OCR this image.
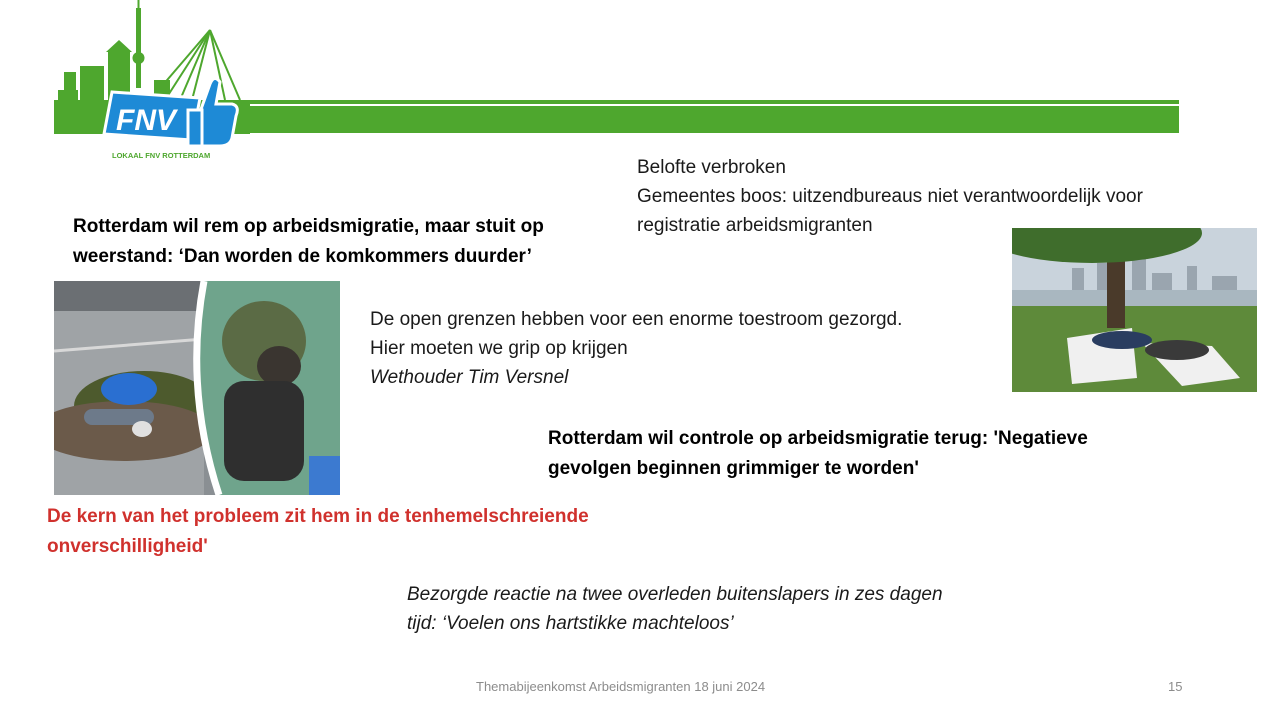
FNV
LOKAAL FNV ROTTERDAM
Belofte verbroken
Gemeentes boos: uitzendbureaus niet verantwoordelijk voor
registratie arbeidsmigranten
Rotterdam wil rem op arbeidsmigratie, maar stuit op
weerstand: ‘Dan worden de komkommers duurder’
De open grenzen hebben voor een enorme toestroom gezorgd.
Hier moeten we grip op krijgen
Wethouder Tim Versnel
Rotterdam wil controle op arbeidsmigratie terug: 'Negatieve
gevolgen beginnen grimmiger te worden'
De kern van het probleem zit hem in de tenhemelschreiende
onverschilligheid'
Bezorgde reactie na twee overleden buitenslapers in zes dagen
tijd: ‘Voelen ons hartstikke machteloos’
Themabijeenkomst Arbeidsmigranten 18 juni 2024	15
